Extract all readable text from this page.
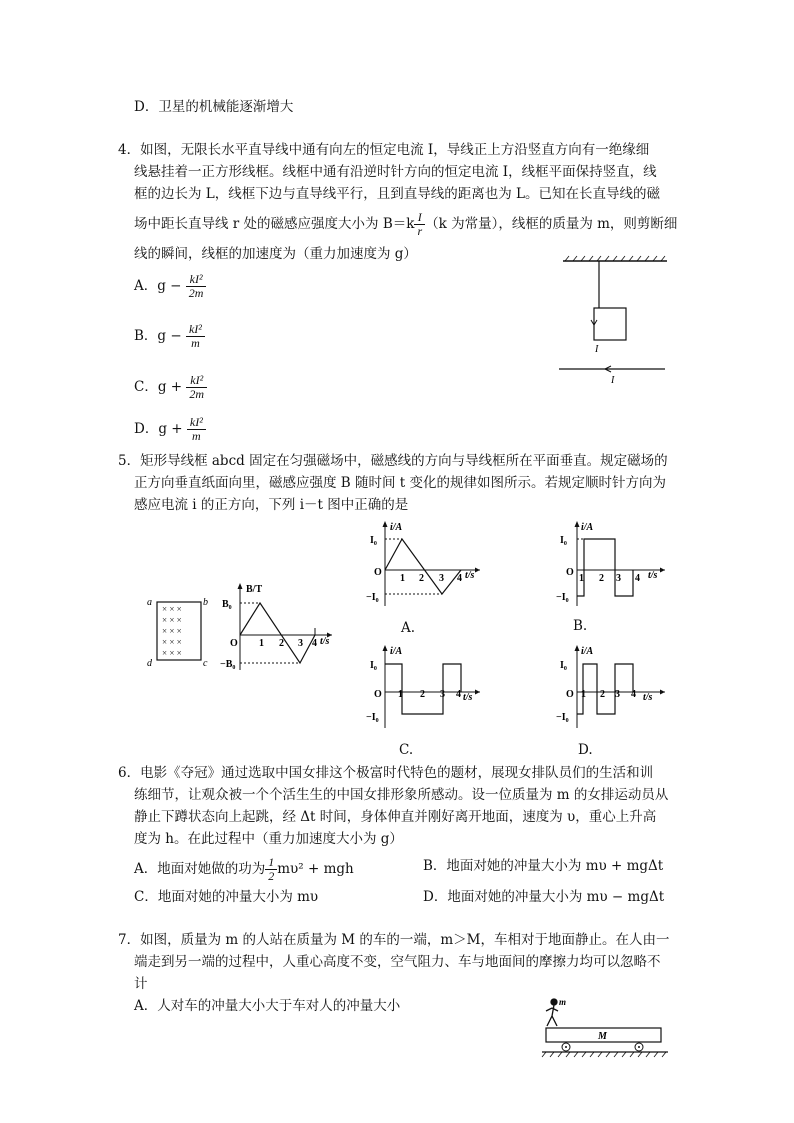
D．卫星的机械能逐渐增大
4．如图，无限长水平直导线中通有向左的恒定电流 I，导线正上方沿竖直方向有一绝缘细
线悬挂着一正方形线框。线框中通有沿逆时针方向的恒定电流 I，线框平面保持竖直，线
框的边长为 L，线框下边与直导线平行，且到直导线的距离也为 L。已知在长直导线的磁
场中距长直导线 r 处的磁感应强度大小为 $B=k \frac{I}{r} (k$ 为常量），线框的质量为 m，则剪断细
线的瞬间，线框的加速度为（重力加速度为 g）
A．$g - \frac{\text{kI²}}{2m}$
B．$g - \frac{\text{kI²}}{m}$
C．$g + \frac{\text{kI²}}{2m}$
D．$g + \frac{\text{kI²}}{m}$
I
I
5．矩形导线框 abcd 固定在匀强磁场中，磁感线的方向与导线框所在平面垂直。规定磁场的
正方向垂直纸面向里，磁感应强度 B 随时间 t 变化的规律如图所示。若规定顺时针方向为
感应电流 i 的正方向，下列 i－t 图中正确的是
a	b
c
d
× × ×
× × ×
× × ×
× × ×
× × ×
B/T
t/s
O
B₀
−B₀
1 2 3 4
i/A
t/s
O
I₀
−I₀
1 2 3 4
A.
i/A
t/s
O
I₀
−I₀
1 2 3 4
B.
i/A
t/s
O
I₀
−I₀
1 2 3 4
C.
i/A
t/s
O
I₀
−I₀
1 2 3 4
D.
6．电影《夺冠》通过选取中国女排这个极富时代特色的题材，展现女排队员们的生活和训
练细节，让观众被一个个活生生的中国女排形象所感动。设一位质量为 m 的女排运动员从
静止下蹲状态向上起跳，经 Δt 时间，身体伸直并刚好离开地面，速度为 υ，重心上升高
度为 h。在此过程中（重力加速度大小为 g）
A．地面对她做的功为 $\frac{1}{2} m\upsilon^2$ + mgh	B．地面对她的冲量大小为 mυ + mgΔt
C．地面对她的冲量大小为 mυ	D．地面对她的冲量大小为 mυ − mgΔt
7．如图，质量为 m 的人站在质量为 M 的车的一端，m＞M，车相对于地面静止。在人由一
端走到另一端的过程中，人重心高度不变，空气阻力、车与地面间的摩擦力均可以忽略不
计
A．人对车的冲量大小大于车对人的冲量大小	m
M
